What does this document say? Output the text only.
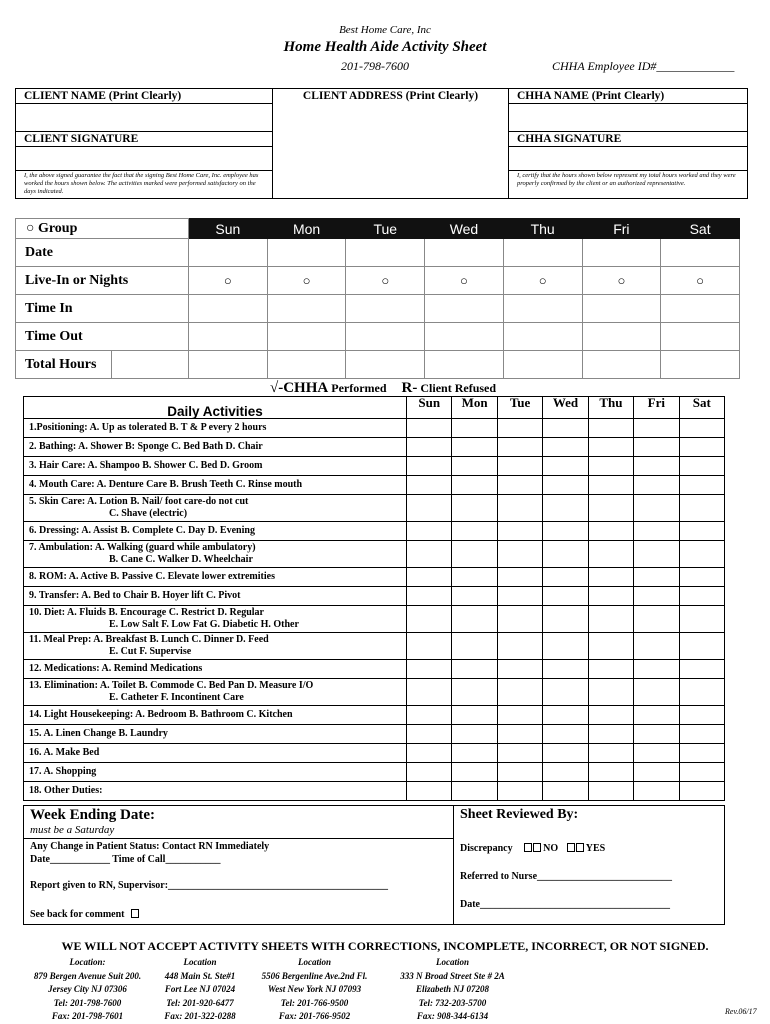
Best Home Care, Inc
Home Health Aide Activity Sheet
201-798-7600	CHHA Employee ID#_____________
CLIENT NAME (Print Clearly)	CLIENT ADDRESS (Print Clearly)	CHHA NAME (Print Clearly)

CLIENT SIGNATURE		CHHA SIGNATURE

I, the above signed guarantee the fact that the signing Best Home Care, Inc. employee has worked the hours shown below. The activities marked were performed satisfactory on the days indicated.		I, certify that the hours shown below represent my total hours worked and they were properly confirmed by the client or an authorized representative.
○ Group	Sun	Mon	Tue	Wed	Thu	Fri	Sat
Date							
Live-In or Nights	○	○	○	○	○	○	○
Time In							
Time Out							
Total Hours

√-CHHA Performed R- Client Refused
Daily Activities	Sun	Mon	Tue	Wed	Thu	Fri	Sat

1.Positioning: A. Up as tolerated B. T & P every 2 hours							

2. Bathing: A. Shower B: Sponge C. Bed Bath D. Chair							

3. Hair Care: A. Shampoo B. Shower C. Bed D. Groom							

4. Mouth Care: A. Denture Care B. Brush Teeth C. Rinse mouth							

5. Skin Care: A. Lotion B. Nail/ foot care-do not cut
C. Shave (electric)							

6. Dressing: A. Assist B. Complete C. Day D. Evening							

7. Ambulation: A. Walking (guard while ambulatory)
B. Cane C. Walker D. Wheelchair							

8. ROM: A. Active B. Passive C. Elevate lower extremities							

9. Transfer: A. Bed to Chair B. Hoyer lift C. Pivot							

10. Diet: A. Fluids B. Encourage C. Restrict D. Regular
E. Low Salt F. Low Fat G. Diabetic H. Other							

11. Meal Prep: A. Breakfast B. Lunch C. Dinner D. Feed
E. Cut F. Supervise							

12. Medications: A. Remind Medications							

13. Elimination: A. Toilet B. Commode C. Bed Pan D. Measure I/O
E. Catheter F. Incontinent Care							

14. Light Housekeeping: A. Bedroom B. Bathroom C. Kitchen							

15. A. Linen Change B. Laundry							

16. A. Make Bed							

17. A. Shopping							

18. Other Duties:							

Week Ending Date:
must be a Saturday
Any Change in Patient Status: Contact RN Immediately
Date____________ Time of Call___________
Report given to RN, Supervisor:____________________________________________
See back for comment
Sheet Reviewed By:
Discrepancy	NO	YES
Referred to Nurse___________________________
Date______________________________________
WE WILL NOT ACCEPT ACTIVITY SHEETS WITH CORRECTIONS, INCOMPLETE, INCORRECT, OR NOT SIGNED.
Location:
879 Bergen Avenue Suit 200.
Jersey City NJ 07306
Tel: 201-798-7600
Fax: 201-798-7601
Location
448 Main St. Ste#1
Fort Lee NJ 07024
Tel: 201-920-6477
Fax: 201-322-0288
Location
5506 Bergenline Ave.2nd Fl.
West New York NJ 07093
Tel: 201-766-9500
Fax: 201-766-9502
Location
333 N Broad Street Ste # 2A
Elizabeth NJ 07208
Tel: 732-203-5700
Fax: 908-344-6134	Rev.06/17
